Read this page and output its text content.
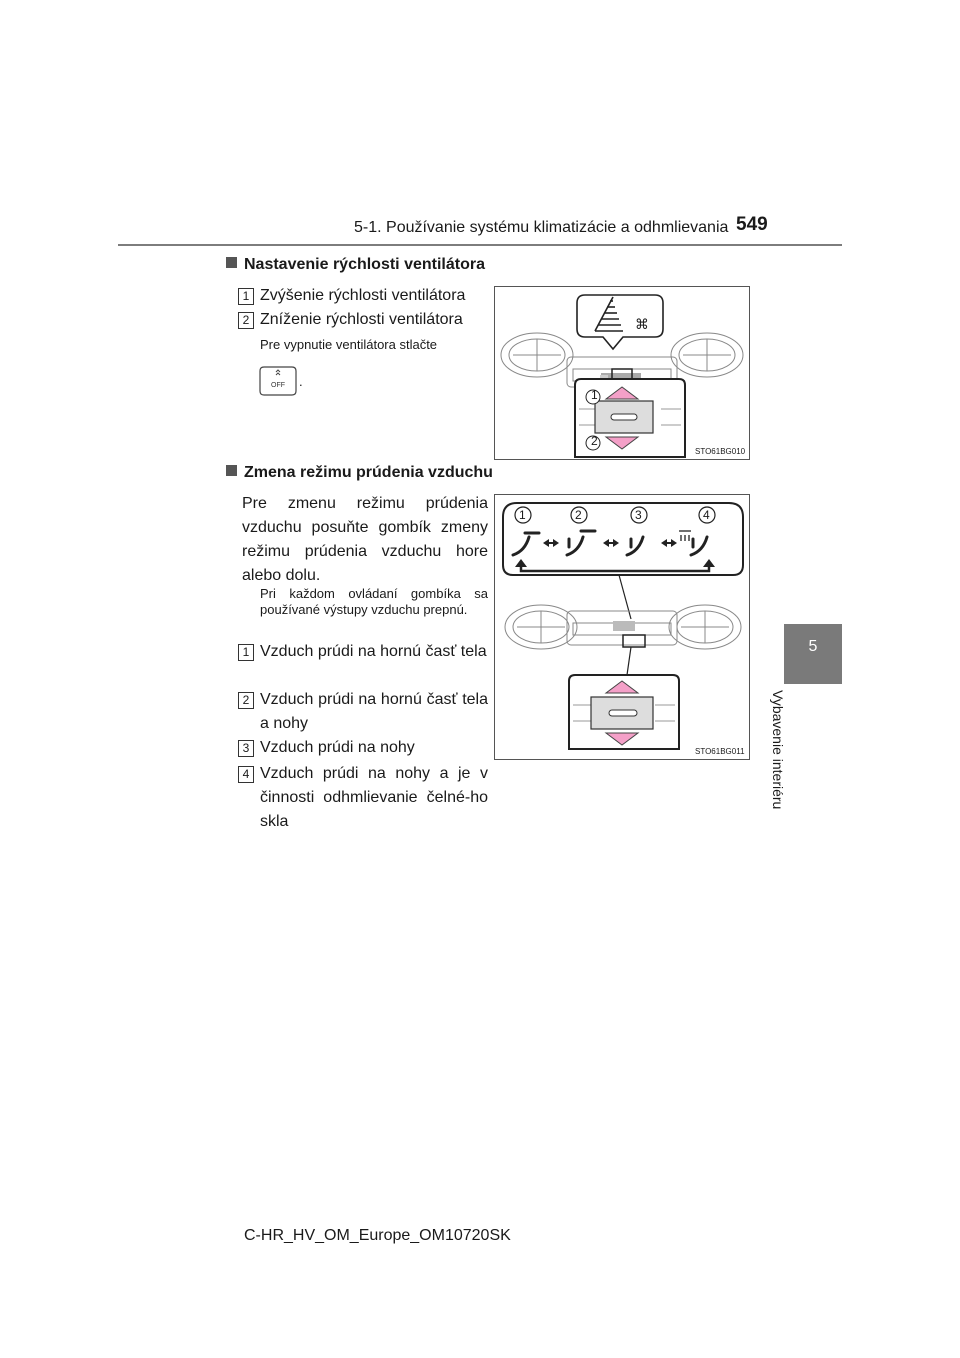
5-1. Používanie systému klimatizácie a odhmlievania 549
5
Vybavenie interiéru
Nastavenie rýchlosti ventilátora
1 Zvýšenie rýchlosti ventilátora
2 Zníženie rýchlosti ventilátora
Pre vypnutie ventilátora stlačte
OFF .
⌘
1
2
STO61BG010
Zmena režimu prúdenia vzduchu
Pre zmenu režimu prúdenia vzduchu posuňte gombík zmeny režimu prúdenia vzduchu hore alebo dolu.
Pri každom ovládaní gombíka sa používané výstupy vzduchu prepnú.
1 Vzduch prúdi na hornú časť tela
2 Vzduch prúdi na hornú časť tela a nohy
3 Vzduch prúdi na nohy
4 Vzduch prúdi na nohy a je v činnosti odhmlievanie čelné-ho skla
1	2	3	4
STO61BG011
C-HR_HV_OM_Europe_OM10720SK
